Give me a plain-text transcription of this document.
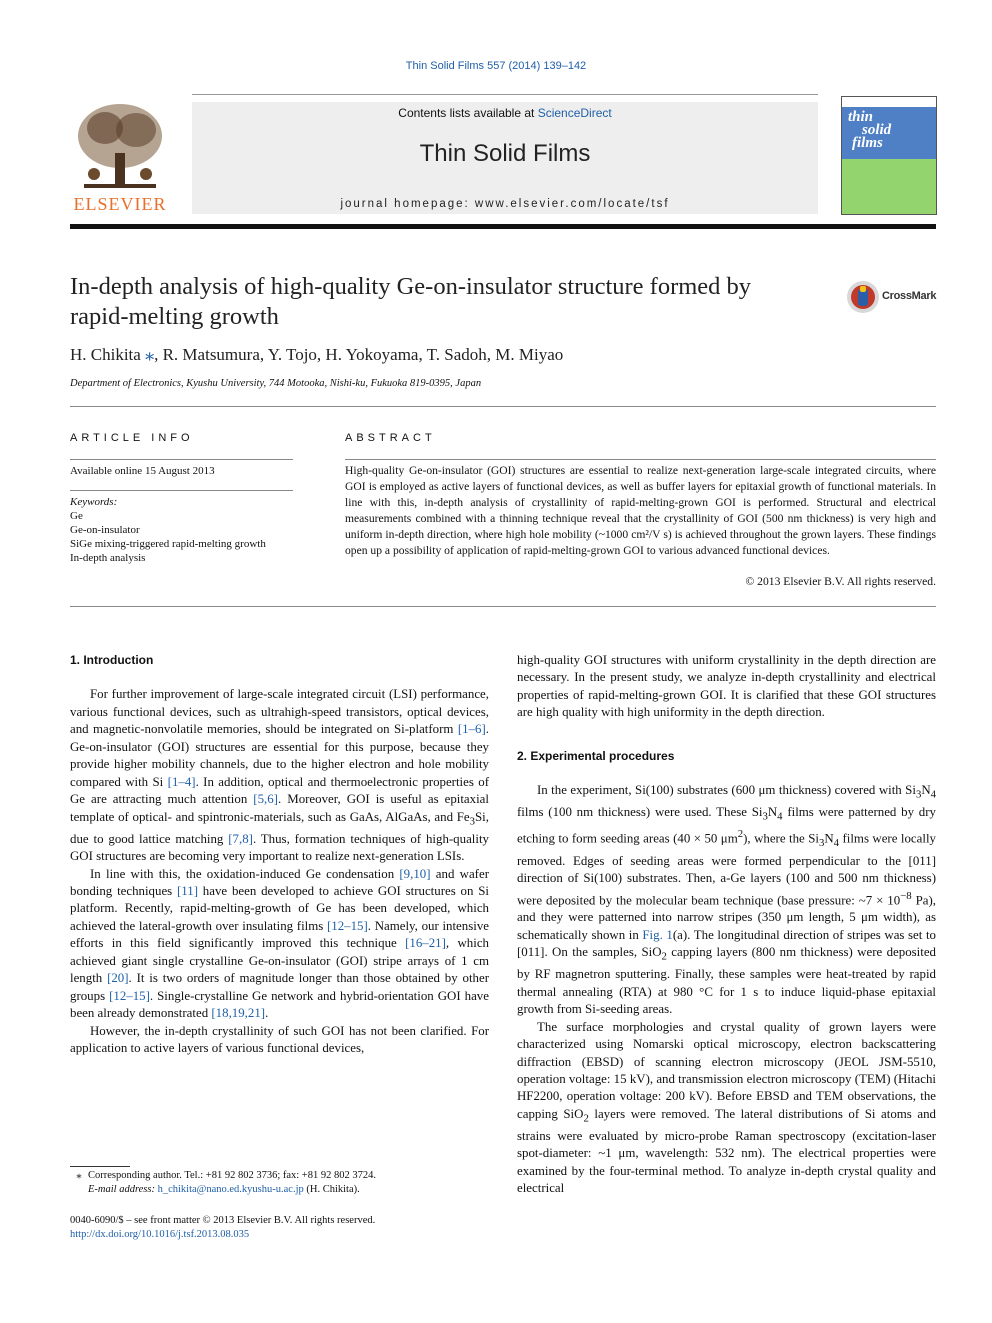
Thin Solid Films 557 (2014) 139–142
ELSEVIER
Contents lists available at ScienceDirect
Thin Solid Films
journal homepage: www.elsevier.com/locate/tsf
thin
solid
films
In-depth analysis of high-quality Ge-on-insulator structure formed by rapid-melting growth
CrossMark
H. Chikita ⁎, R. Matsumura, Y. Tojo, H. Yokoyama, T. Sadoh, M. Miyao
Department of Electronics, Kyushu University, 744 Motooka, Nishi-ku, Fukuoka 819-0395, Japan
ARTICLE INFO
Available online 15 August 2013
Keywords:
Ge
Ge-on-insulator
SiGe mixing-triggered rapid-melting growth
In-depth analysis
ABSTRACT
High-quality Ge-on-insulator (GOI) structures are essential to realize next-generation large-scale integrated circuits, where GOI is employed as active layers of functional devices, as well as buffer layers for epitaxial growth of functional materials. In line with this, in-depth analysis of crystallinity of rapid-melting-grown GOI is performed. Structural and electrical measurements combined with a thinning technique reveal that the crystallinity of GOI (500 nm thickness) is very high and uniform in-depth direction, where high hole mobility (~1000 cm²/V s) is achieved throughout the grown layers. These findings open up a possibility of application of rapid-melting-grown GOI to various advanced functional devices.
© 2013 Elsevier B.V. All rights reserved.
1. Introduction

For further improvement of large-scale integrated circuit (LSI) performance, various functional devices, such as ultrahigh-speed transistors, optical devices, and magnetic-nonvolatile memories, should be integrated on Si-platform [1–6]. Ge-on-insulator (GOI) structures are essential for this purpose, because they provide higher mobility channels, due to the higher electron and hole mobility compared with Si [1–4]. In addition, optical and thermoelectronic properties of Ge are attracting much attention [5,6]. Moreover, GOI is useful as epitaxial template of optical- and spintronic-materials, such as GaAs, AlGaAs, and $Fe_3Si$, due to good lattice matching [7,8]. Thus, formation techniques of high-quality GOI structures are becoming very important to realize next-generation LSIs.

In line with this, the oxidation-induced Ge condensation [9,10] and wafer bonding techniques [11] have been developed to achieve GOI structures on Si platform. Recently, rapid-melting-growth of Ge has been developed, which achieved the lateral-growth over insulating films [12–15]. Namely, our intensive efforts in this field significantly improved this technique [16–21], which achieved giant single crystalline Ge-on-insulator (GOI) stripe arrays of 1 cm length [20]. It is two orders of magnitude longer than those obtained by other groups [12–15]. Single-crystalline Ge network and hybrid-orientation GOI have been already demonstrated [18,19,21].

However, the in-depth crystallinity of such GOI has not been clarified. For application to active layers of various functional devices,

high-quality GOI structures with uniform crystallinity in the depth direction are necessary. In the present study, we analyze in-depth crystallinity and electrical properties of rapid-melting-grown GOI. It is clarified that these GOI structures are high quality with high uniformity in the depth direction.

2. Experimental procedures

In the experiment, Si(100) substrates (600 μm thickness) covered with $Si_3N_4$ films (100 nm thickness) were used. These $Si_3N_4$ films were patterned by dry etching to form seeding areas (40 × 50 $\mu m^2$), where the $Si_3N_4$ films were locally removed. Edges of seeding areas were formed perpendicular to the [011] direction of Si(100) substrates. Then, a-Ge layers (100 and 500 nm thickness) were deposited by the molecular beam technique (base pressure: ~7 × $10^{-8}$ Pa), and they were patterned into narrow stripes (350 μm length, 5 μm width), as schematically shown in Fig. 1(a). The longitudinal direction of stripes was set to [011]. On the samples, SiO$_2$ capping layers (800 nm thickness) were deposited by RF magnetron sputtering. Finally, these samples were heat-treated by rapid thermal annealing (RTA) at 980 °C for 1 s to induce liquid-phase epitaxial growth from Si-seeding areas.

The surface morphologies and crystal quality of grown layers were characterized using Nomarski optical microscopy, electron backscattering diffraction (EBSD) of scanning electron microscopy (JEOL JSM-5510, operation voltage: 15 kV), and transmission electron microscopy (TEM) (Hitachi HF2200, operation voltage: 200 kV). Before EBSD and TEM observations, the capping SiO$_2$ layers were removed. The lateral distributions of Si atoms and strains were evaluated by micro-probe Raman spectroscopy (excitation-laser spot-diameter: ~1 μm, wavelength: 532 nm). The electrical properties were examined by the four-terminal method. To analyze in-depth crystal quality and electrical

⁎ Corresponding author. Tel.: +81 92 802 3736; fax: +81 92 802 3724.
E-mail address: h_chikita@nano.ed.kyushu-u.ac.jp (H. Chikita).
0040-6090/$ – see front matter © 2013 Elsevier B.V. All rights reserved.
http://dx.doi.org/10.1016/j.tsf.2013.08.035
